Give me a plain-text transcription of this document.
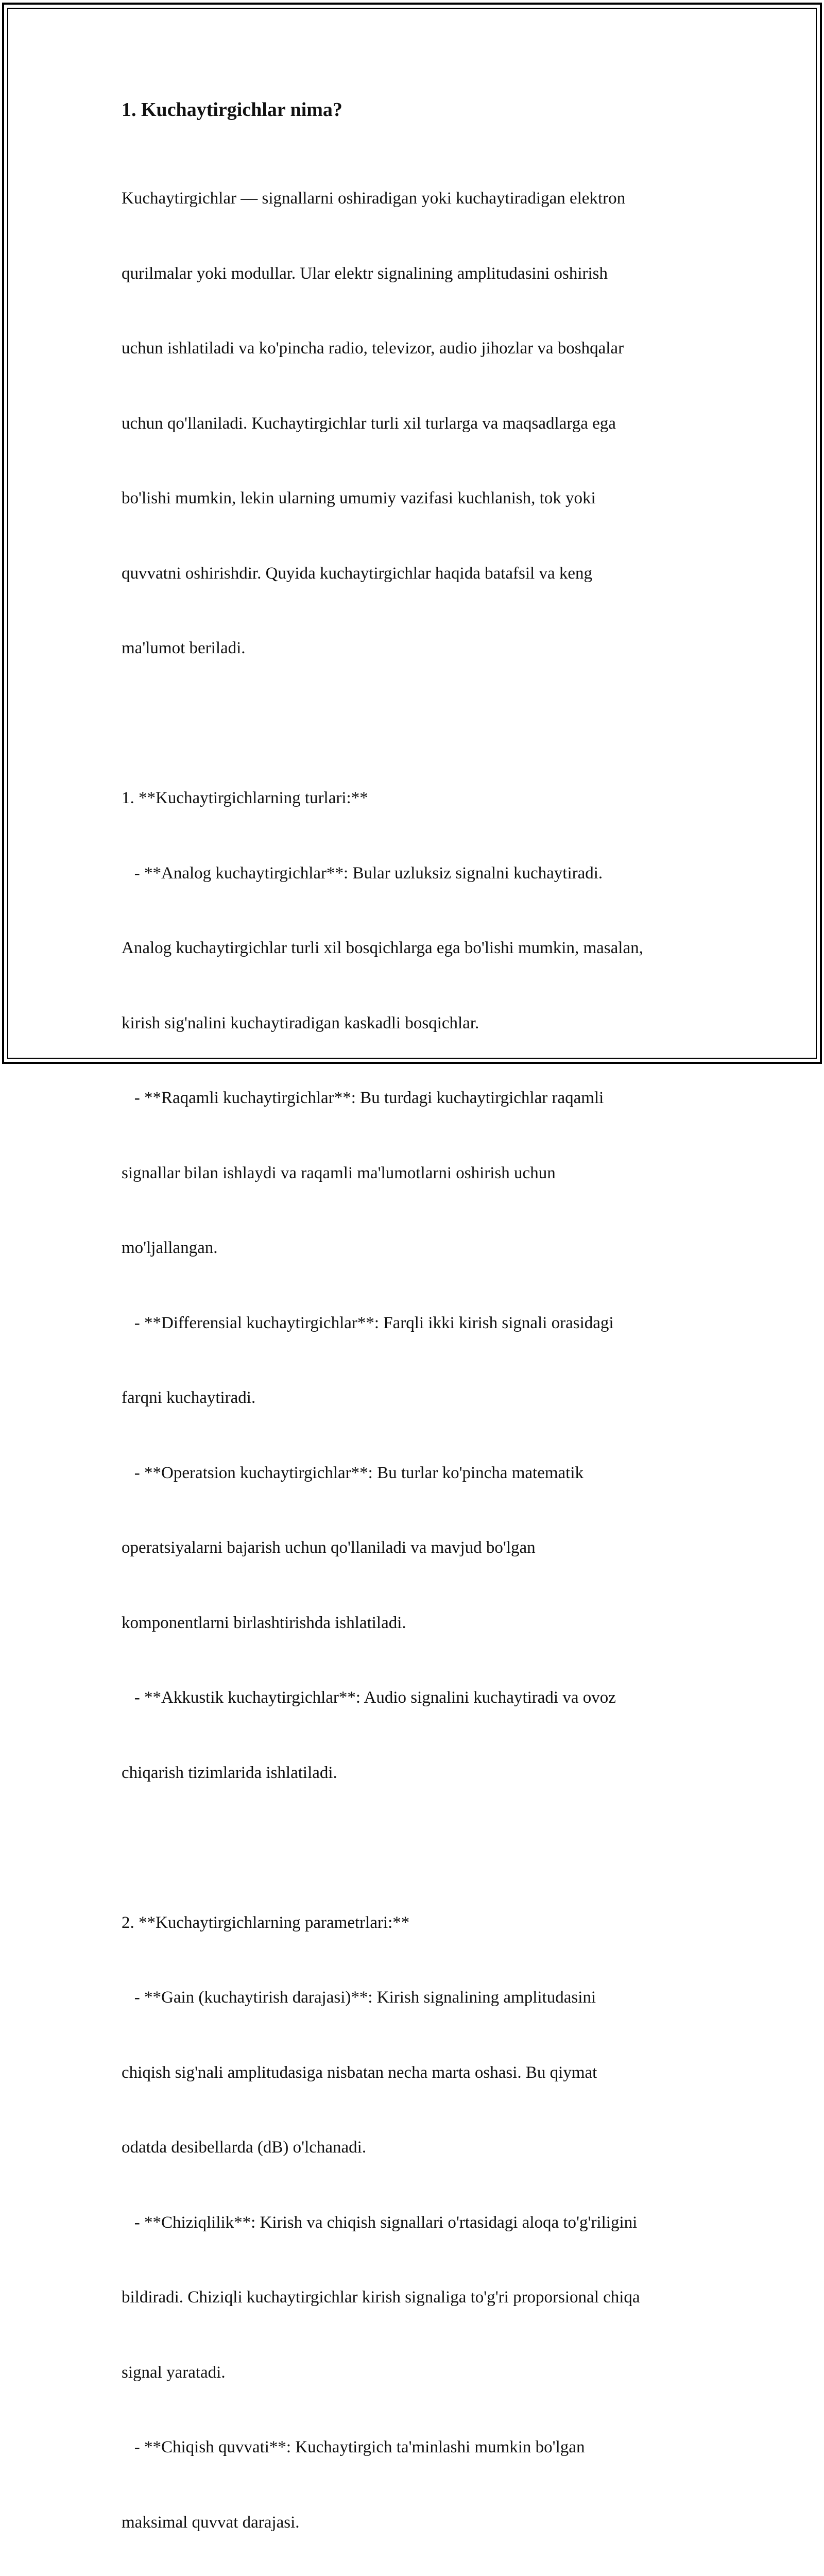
1. Kuchaytirgichlar nima?

Kuchaytirgichlar — signallarni oshiradigan yoki kuchaytiradigan elektron

qurilmalar yoki modullar. Ular elektr signalining amplitudasini oshirish

uchun ishlatiladi va ko'pincha radio, televizor, audio jihozlar va boshqalar

uchun qo'llaniladi. Kuchaytirgichlar turli xil turlarga va maqsadlarga ega

bo'lishi mumkin, lekin ularning umumiy vazifasi kuchlanish, tok yoki

quvvatni oshirishdir. Quyida kuchaytirgichlar haqida batafsil va keng

ma'lumot beriladi.

1. **Kuchaytirgichlarning turlari:**

- **Analog kuchaytirgichlar**: Bular uzluksiz signalni kuchaytiradi.

Analog kuchaytirgichlar turli xil bosqichlarga ega bo'lishi mumkin, masalan,

kirish sig'nalini kuchaytiradigan kaskadli bosqichlar.

- **Raqamli kuchaytirgichlar**: Bu turdagi kuchaytirgichlar raqamli

signallar bilan ishlaydi va raqamli ma'lumotlarni oshirish uchun

mo'ljallangan.

- **Differensial kuchaytirgichlar**: Farqli ikki kirish signali orasidagi

farqni kuchaytiradi.

- **Operatsion kuchaytirgichlar**: Bu turlar ko'pincha matematik

operatsiyalarni bajarish uchun qo'llaniladi va mavjud bo'lgan

komponentlarni birlashtirishda ishlatiladi.

- **Akkustik kuchaytirgichlar**: Audio signalini kuchaytiradi va ovoz

chiqarish tizimlarida ishlatiladi.

2. **Kuchaytirgichlarning parametrlari:**

- **Gain (kuchaytirish darajasi)**: Kirish signalining amplitudasini

chiqish sig'nali amplitudasiga nisbatan necha marta oshasi. Bu qiymat

odatda desibellarda (dB) o'lchanadi.

- **Chiziqlilik**: Kirish va chiqish signallari o'rtasidagi aloqa to'g'riligini

bildiradi. Chiziqli kuchaytirgichlar kirish signaliga to'g'ri proporsional chiqa

signal yaratadi.

- **Chiqish quvvati**: Kuchaytirgich ta'minlashi mumkin bo'lgan

maksimal quvvat darajasi.
